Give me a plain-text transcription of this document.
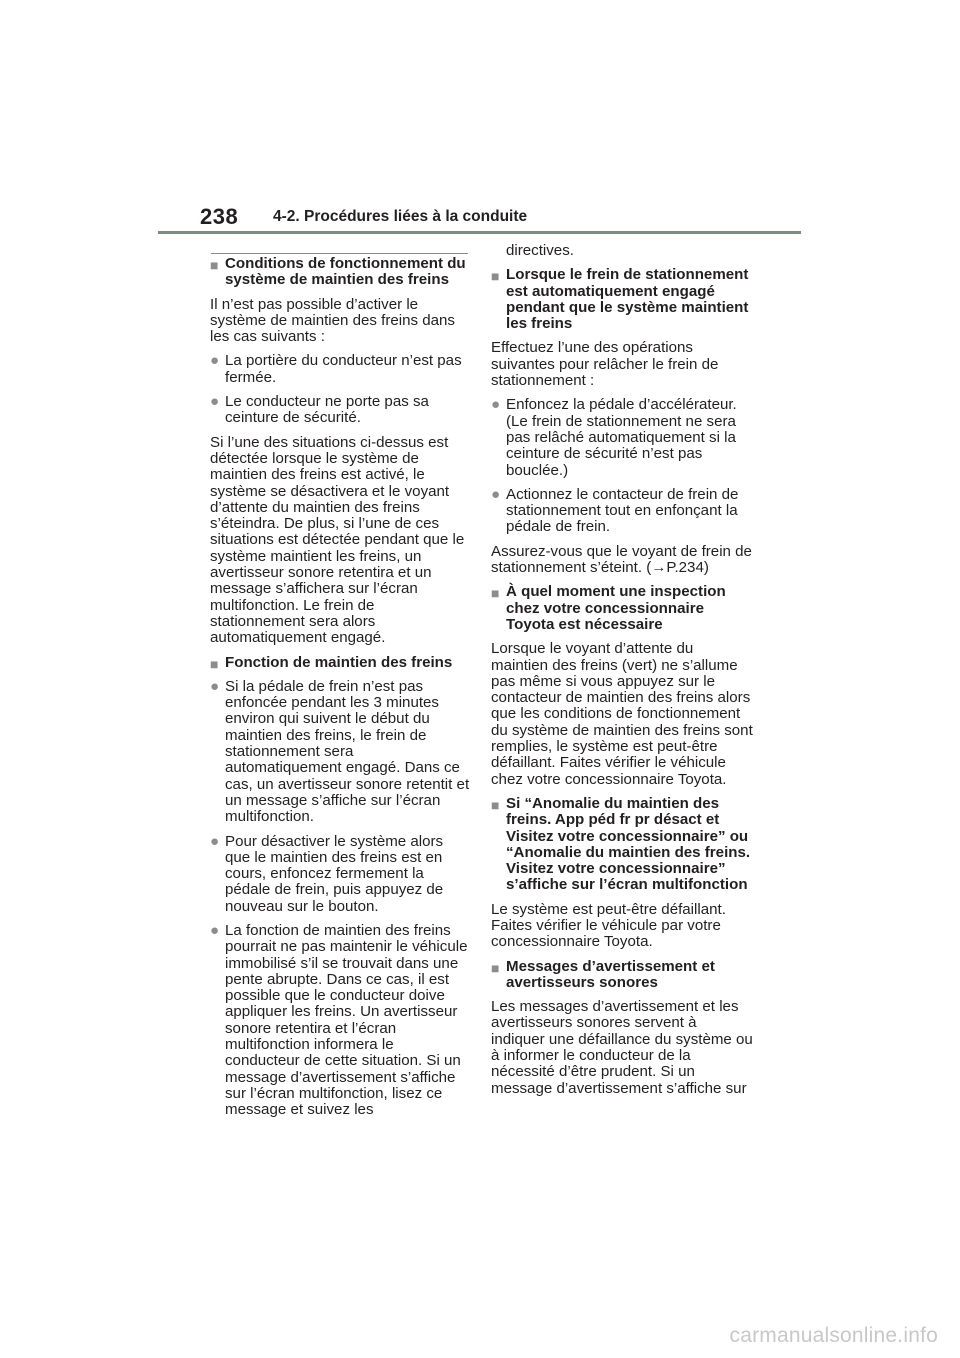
238 4-2. Procédures liées à la conduite
■ Conditions de fonctionnement du système de maintien des freins
Il n’est pas possible d’activer le système de maintien des freins dans les cas suivants :
● La portière du conducteur n’est pas fermée.
● Le conducteur ne porte pas sa ceinture de sécurité.
Si l’une des situations ci-dessus est détectée lorsque le système de maintien des freins est activé, le système se désactivera et le voyant d’attente du maintien des freins s’éteindra. De plus, si l’une de ces situations est détectée pendant que le système maintient les freins, un avertisseur sonore retentira et un message s’affichera sur l’écran multifonction. Le frein de stationnement sera alors automatiquement engagé.
■ Fonction de maintien des freins
● Si la pédale de frein n’est pas enfoncée pendant les 3 minutes environ qui suivent le début du maintien des freins, le frein de stationnement sera automatiquement engagé. Dans ce cas, un avertisseur sonore retentit et un message s’affiche sur l’écran multifonction.
● Pour désactiver le système alors que le maintien des freins est en cours, enfoncez fermement la pédale de frein, puis appuyez de nouveau sur le bouton.
● La fonction de maintien des freins pourrait ne pas maintenir le véhicule immobilisé s’il se trouvait dans une pente abrupte. Dans ce cas, il est possible que le conducteur doive appliquer les freins. Un avertisseur sonore retentira et l’écran multifonction informera le conducteur de cette situation. Si un message d’avertissement s’affiche sur l’écran multifonction, lisez ce message et suivez les
directives.
■ Lorsque le frein de stationnement est automatiquement engagé pendant que le système maintient les freins
Effectuez l’une des opérations suivantes pour relâcher le frein de stationnement :
● Enfoncez la pédale d’accélérateur. (Le frein de stationnement ne sera pas relâché automatiquement si la ceinture de sécurité n’est pas bouclée.)
● Actionnez le contacteur de frein de stationnement tout en enfonçant la pédale de frein.
Assurez-vous que le voyant de frein de stationnement s’éteint. (→P.234)
■ À quel moment une inspection chez votre concessionnaire Toyota est nécessaire
Lorsque le voyant d’attente du maintien des freins (vert) ne s’allume pas même si vous appuyez sur le contacteur de maintien des freins alors que les conditions de fonctionnement du système de maintien des freins sont remplies, le système est peut-être défaillant. Faites vérifier le véhicule chez votre concessionnaire Toyota.
■ Si “Anomalie du maintien des freins. App péd fr pr désact et Visitez votre concessionnaire” ou “Anomalie du maintien des freins. Visitez votre concessionnaire” s’affiche sur l’écran multifonction
Le système est peut-être défaillant. Faites vérifier le véhicule par votre concessionnaire Toyota.
■ Messages d’avertissement et avertisseurs sonores
Les messages d’avertissement et les avertisseurs sonores servent à indiquer une défaillance du système ou à informer le conducteur de la nécessité d’être prudent. Si un message d’avertissement s’affiche sur
carmanualsonline.info
